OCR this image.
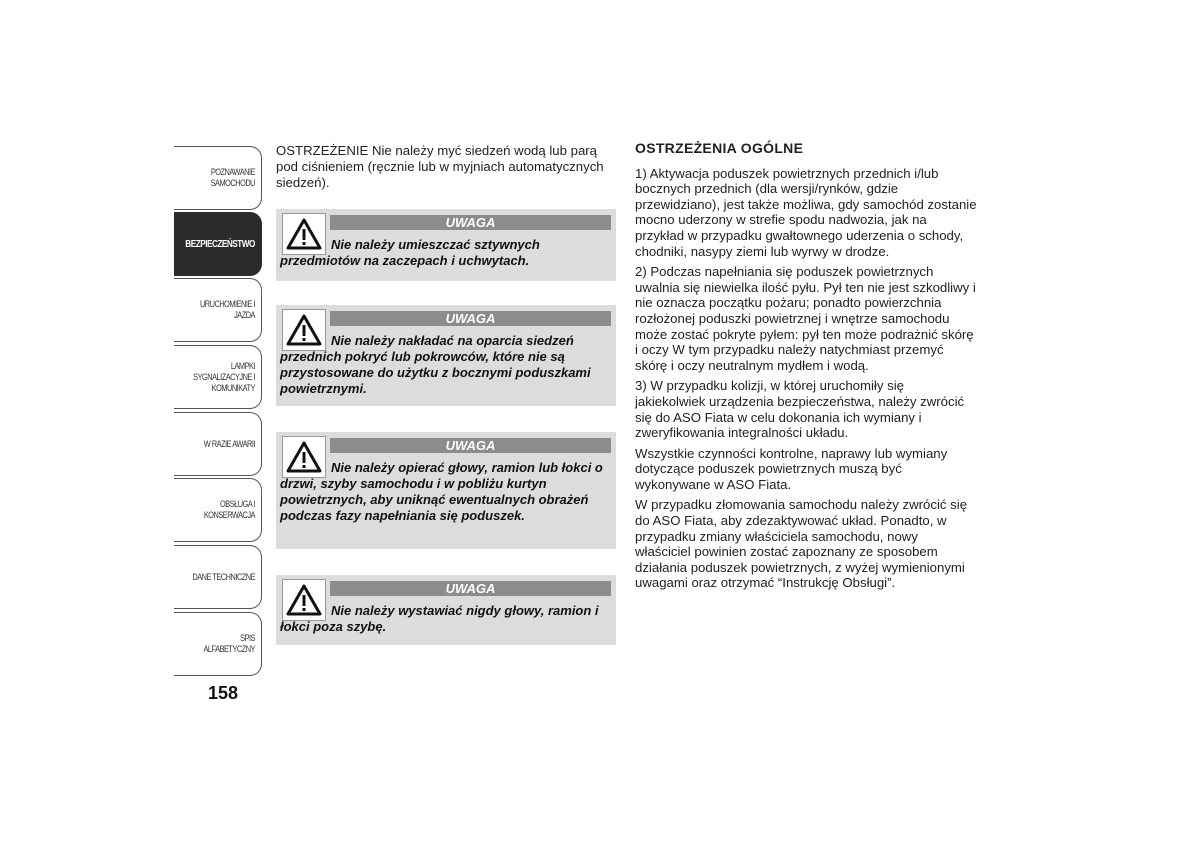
POZNAWANIE
SAMOCHODU
BEZPIECZEŃSTWO
URUCHOMIENIE I
JAZDA
LAMPKI
SYGNALIZACYJNE I
KOMUNIKATY
W RAZIE AWARII
OBSŁUGA I
KONSERWACJA
DANE TECHNICZNE
SPIS ALFABETYCZNY
158
OSTRZEŻENIE Nie należy myć siedzeń wodą lub parą pod ciśnieniem (ręcznie lub w myjniach automatycznych siedzeń).
UWAGA
Nie należy umieszczać sztywnych przedmiotów na zaczepach i uchwytach.
UWAGA
Nie należy nakładać na oparcia siedzeń przednich pokryć lub pokrowców, które nie są przystosowane do użytku z bocznymi poduszkami powietrznymi.
UWAGA
Nie należy opierać głowy, ramion lub łokci o drzwi, szyby samochodu i w pobliżu kurtyn powietrznych, aby uniknąć ewentualnych obrażeń podczas fazy napełniania się poduszek.
UWAGA
Nie należy wystawiać nigdy głowy, ramion i łokci poza szybę.
OSTRZEŻENIA OGÓLNE

1) Aktywacja poduszek powietrznych przednich i/lub bocznych przednich (dla wersji/rynków, gdzie przewidziano), jest także możliwa, gdy samochód zostanie mocno uderzony w strefie spodu nadwozia, jak na przykład w przypadku gwałtownego uderzenia o schody, chodniki, nasypy ziemi lub wyrwy w drodze.

2) Podczas napełniania się poduszek powietrznych uwalnia się niewielka ilość pyłu. Pył ten nie jest szkodliwy i nie oznacza początku pożaru; ponadto powierzchnia rozłożonej poduszki powietrznej i wnętrze samochodu może zostać pokryte pyłem: pył ten może podrażnić skórę i oczy W tym przypadku należy natychmiast przemyć skórę i oczy neutralnym mydłem i wodą.

3) W przypadku kolizji, w której uruchomiły się jakiekolwiek urządzenia bezpieczeństwa, należy zwrócić się do ASO Fiata w celu dokonania ich wymiany i zweryfikowania integralności układu.

Wszystkie czynności kontrolne, naprawy lub wymiany dotyczące poduszek powietrznych muszą być wykonywane w ASO Fiata.

W przypadku złomowania samochodu należy zwrócić się do ASO Fiata, aby zdezaktywować układ. Ponadto, w przypadku zmiany właściciela samochodu, nowy właściciel powinien zostać zapoznany ze sposobem działania poduszek powietrznych, z wyżej wymienionymi uwagami oraz otrzymać “Instrukcję Obsługi”.
